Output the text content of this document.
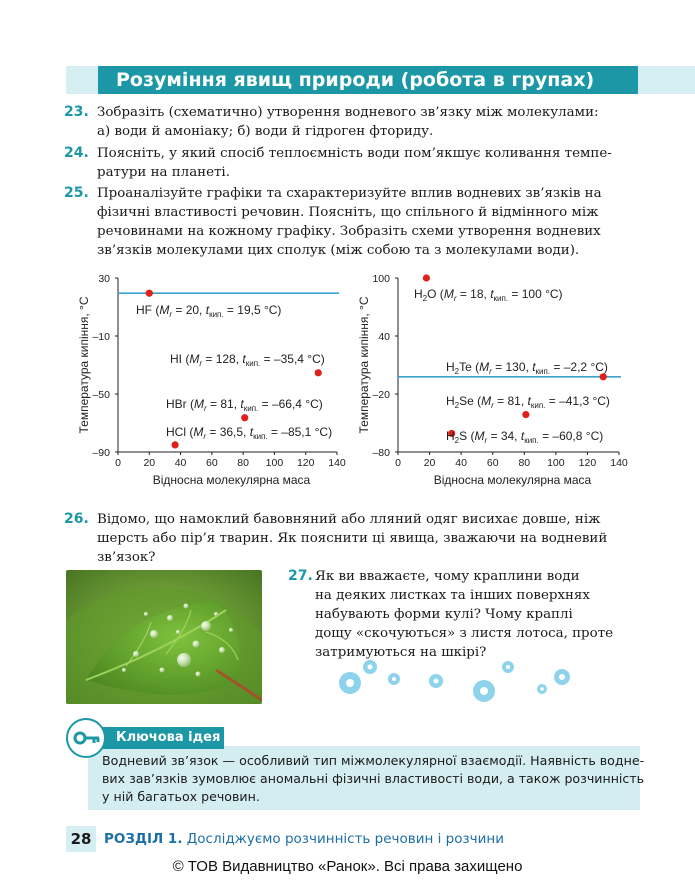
Розуміння явищ природи (робота в групах)
23. Зобразіть (схематично) утворення водневого зв’язку між молекулами:
а) води й амоніаку; б) води й гідроген фториду.
24. Поясніть, у який спосіб теплоємність води пом’якшує коливання темпе-
ратури на планеті.
25. Проаналізуйте графіки та схарактеризуйте вплив водневих зв’язків на
фізичні властивості речовин. Поясніть, що спільного й відмінного між
речовинами на кожному графіку. Зобразіть схеми утворення водневих
зв’язків молекулами цих сполук (між собою та з молекулами води).
0 20 40 60 80 100 120 140
30
–10
–50
–90
Відносна молекулярна маса
Температура кипіння, °С	HF ($M_r = 20$, $t_{кип.} = 19,5$ °С)
HI ($M_r = 128$, $t_{кип.} = -35,4$ °С)
HBr ($M_r = 81$, $t_{кип.} = -66,4$ °С)
HCl ($M_r = 36,5$, $t_{кип.} = -85,1$ °С)
0 20 40 60 80 100 120 140
100
40
–20
–80
Відносна молекулярна маса
Температура кипіння, °С
$H_2O$ ($M_r = 18$, $t_{кип.} = 100$ °С)
$H_2Te$ ($M_r = 130$, $t_{кип.} = -2,2$ °С)
$H_2Se$ ($M_r = 81$, $t_{кип.} = -41,3$ °С)
$H_2S$ ($M_r = 34$, $t_{кип.} = -60,8$ °С)
26. Відомо, що намоклий бавовняний або лляний одяг висихає довше, ніж
шерсть або пір’я тварин. Як пояснити ці явища, зважаючи на водневий
зв’язок?
27. Як ви вважаєте, чому краплини води
на деяких листках та інших поверхнях
набувають форми кулі? Чому краплі
дощу «скочуються» з листя лотоса, проте
затримуються на шкірі?
Ключова ідея
Водневий зв’язок — особливий тип міжмолекулярної взаємодії. Наявність водне-
вих зав’язків зумовлює аномальні фізичні властивості води, а також розчинність
у ній багатьох речовин.
28 РОЗДІЛ 1. Досліджуємо розчинність речовин і розчини
© ТОВ Видавництво «Ранок». Всі права захищено
